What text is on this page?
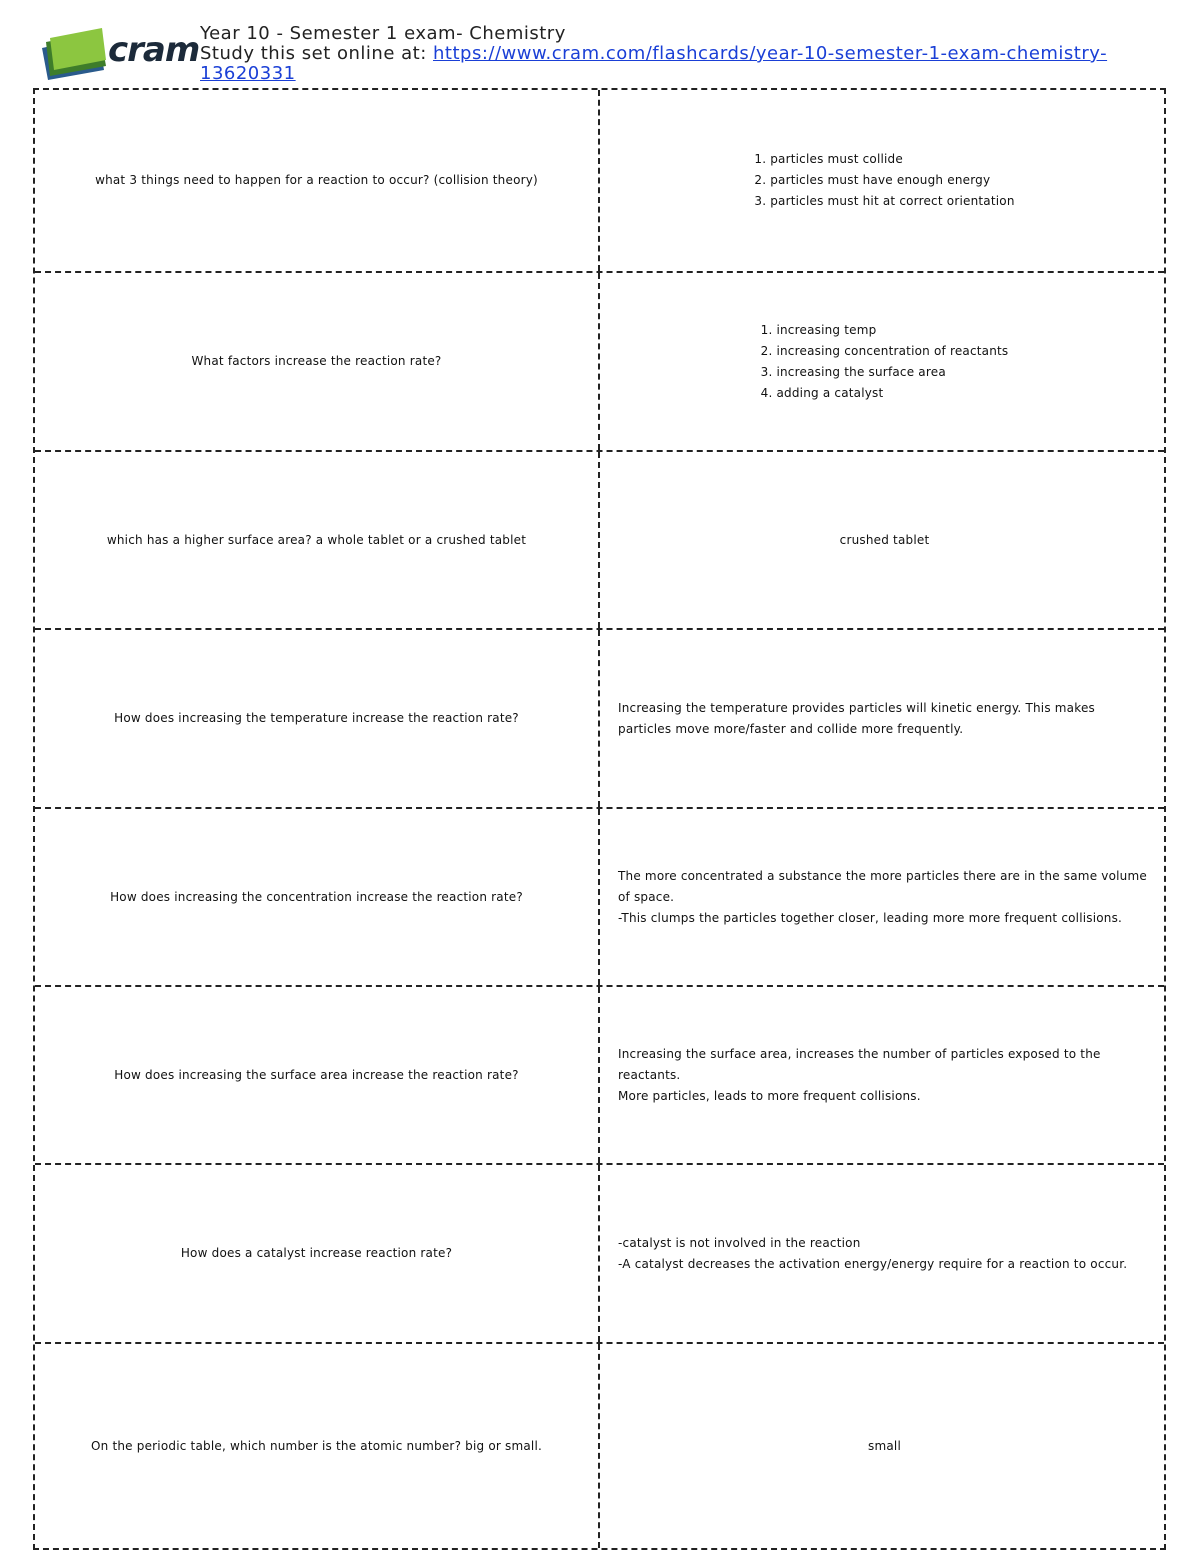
cram Year 10 - Semester 1 exam- Chemistry
Study this set online at: https://www.cram.com/flashcards/year-10-semester-1-exam-chemistry-13620331
what 3 things need to happen for a reaction to occur? (collision theory)
1. particles must collide
2. particles must have enough energy
3. particles must hit at correct orientation
What factors increase the reaction rate?
1. increasing temp
2. increasing concentration of reactants
3. increasing the surface area
4. adding a catalyst
which has a higher surface area? a whole tablet or a crushed tablet	crushed tablet
How does increasing the temperature increase the reaction rate?
Increasing the temperature provides particles will kinetic energy. This makes particles move more/faster and collide more frequently.
How does increasing the concentration increase the reaction rate?
The more concentrated a substance the more particles there are in the same volume of space.
-This clumps the particles together closer, leading more more frequent collisions.
How does increasing the surface area increase the reaction rate?
Increasing the surface area, increases the number of particles exposed to the reactants.
More particles, leads to more frequent collisions.
How does a catalyst increase reaction rate?
-catalyst is not involved in the reaction
-A catalyst decreases the activation energy/energy require for a reaction to occur.
On the periodic table, which number is the atomic number? big or small.	small
